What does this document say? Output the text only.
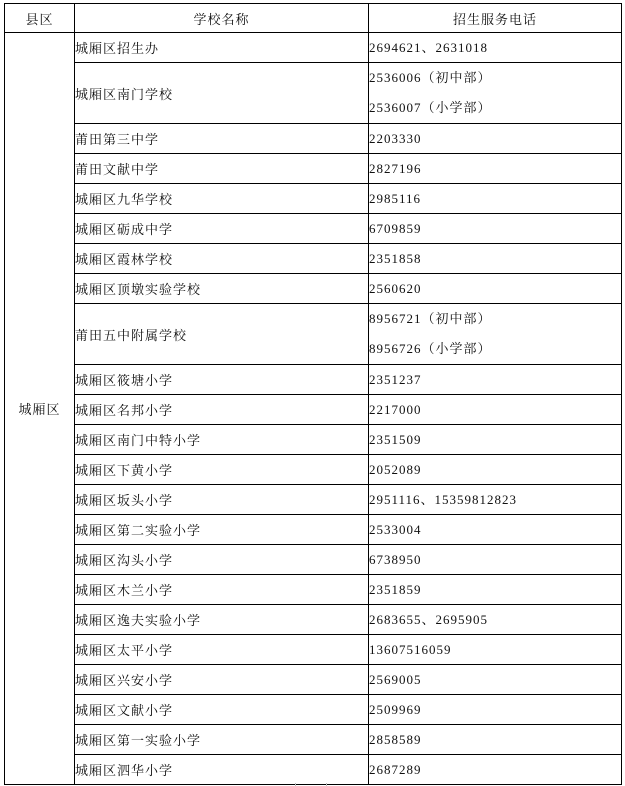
县区	学校名称	招生服务电话
城厢区	城厢区招生办	2694621、2631018

	城厢区南门学校	2536006（初中部）
2536007（小学部）

	莆田第三中学	2203330

	莆田文献中学	2827196

	城厢区九华学校	2985116

	城厢区砺成中学	6709859

	城厢区霞林学校	2351858

	城厢区顶墩实验学校	2560620

	莆田五中附属学校	8956721（初中部）
8956726（小学部）

	城厢区筱塘小学	2351237

	城厢区名邦小学	2217000

	城厢区南门中特小学	2351509

	城厢区下黄小学	2052089

	城厢区坂头小学	2951116、15359812823

	城厢区第二实验小学	2533004

	城厢区沟头小学	6738950

	城厢区木兰小学	2351859

	城厢区逸夫实验小学	2683655、2695905

	城厢区太平小学	13607516059

	城厢区兴安小学	2569005

	城厢区文献小学	2509969

	城厢区第一实验小学	2858589

	城厢区泗华小学	2687289
